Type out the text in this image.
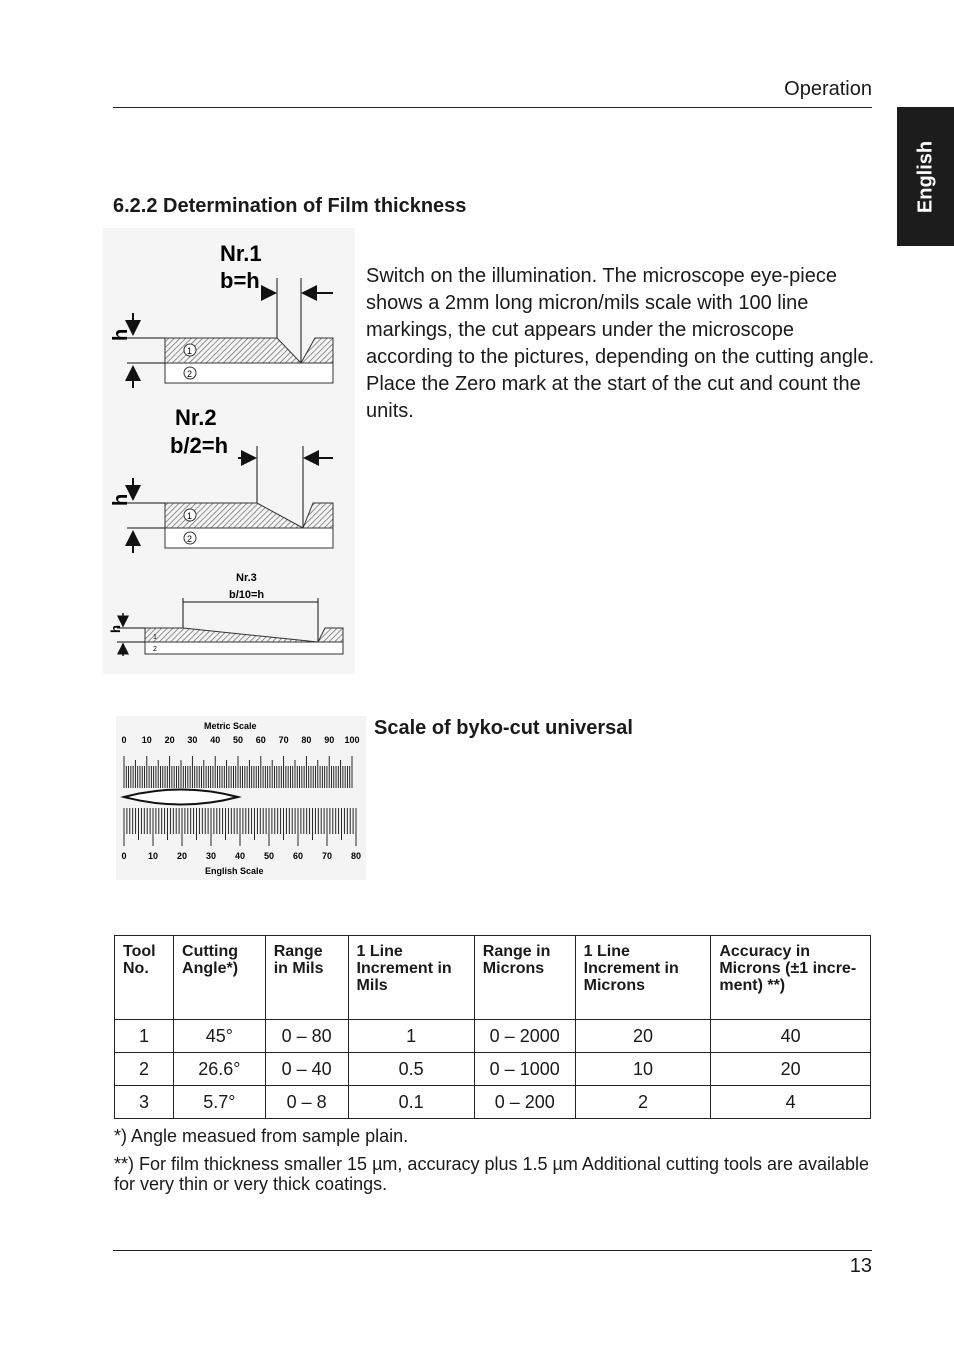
Operation
English
6.2.2 Determination of Film thickness
Nr.1
b=h
1
2
h
Nr.2
b/2=h
1
2
h
Nr.3
b/10=h
1
2
h
Switch on the illumination. The microscope eye-piece shows a 2mm long micron/mils scale with 100 line markings, the cut appears under the microscope according to the pictures, depending on the cutting angle. Place the Zero mark at the start of the cut and count the units.
Metric Scale
0 10 20 30 40 50 60 70 80 90 100
0 10 20 30 40 50 60 70 80
English Scale
Scale of byko-cut universal
Tool No.	Cutting Angle*)	Range in Mils	1 Line Increment in Mils	Range in Microns	1 Line Increment in Microns	Accuracy in Microns (±1 incre-ment) **)
1	45°	0 – 80	1	0 – 2000	20	40
2	26.6°	0 – 40	0.5	0 – 1000	10	20
3	5.7°	0 – 8	0.1	0 – 200	2	4
*) Angle measued from sample plain.
**) For film thickness smaller 15 µm, accuracy plus 1.5 µm Additional cutting tools are available for very thin or very thick coatings.
13
